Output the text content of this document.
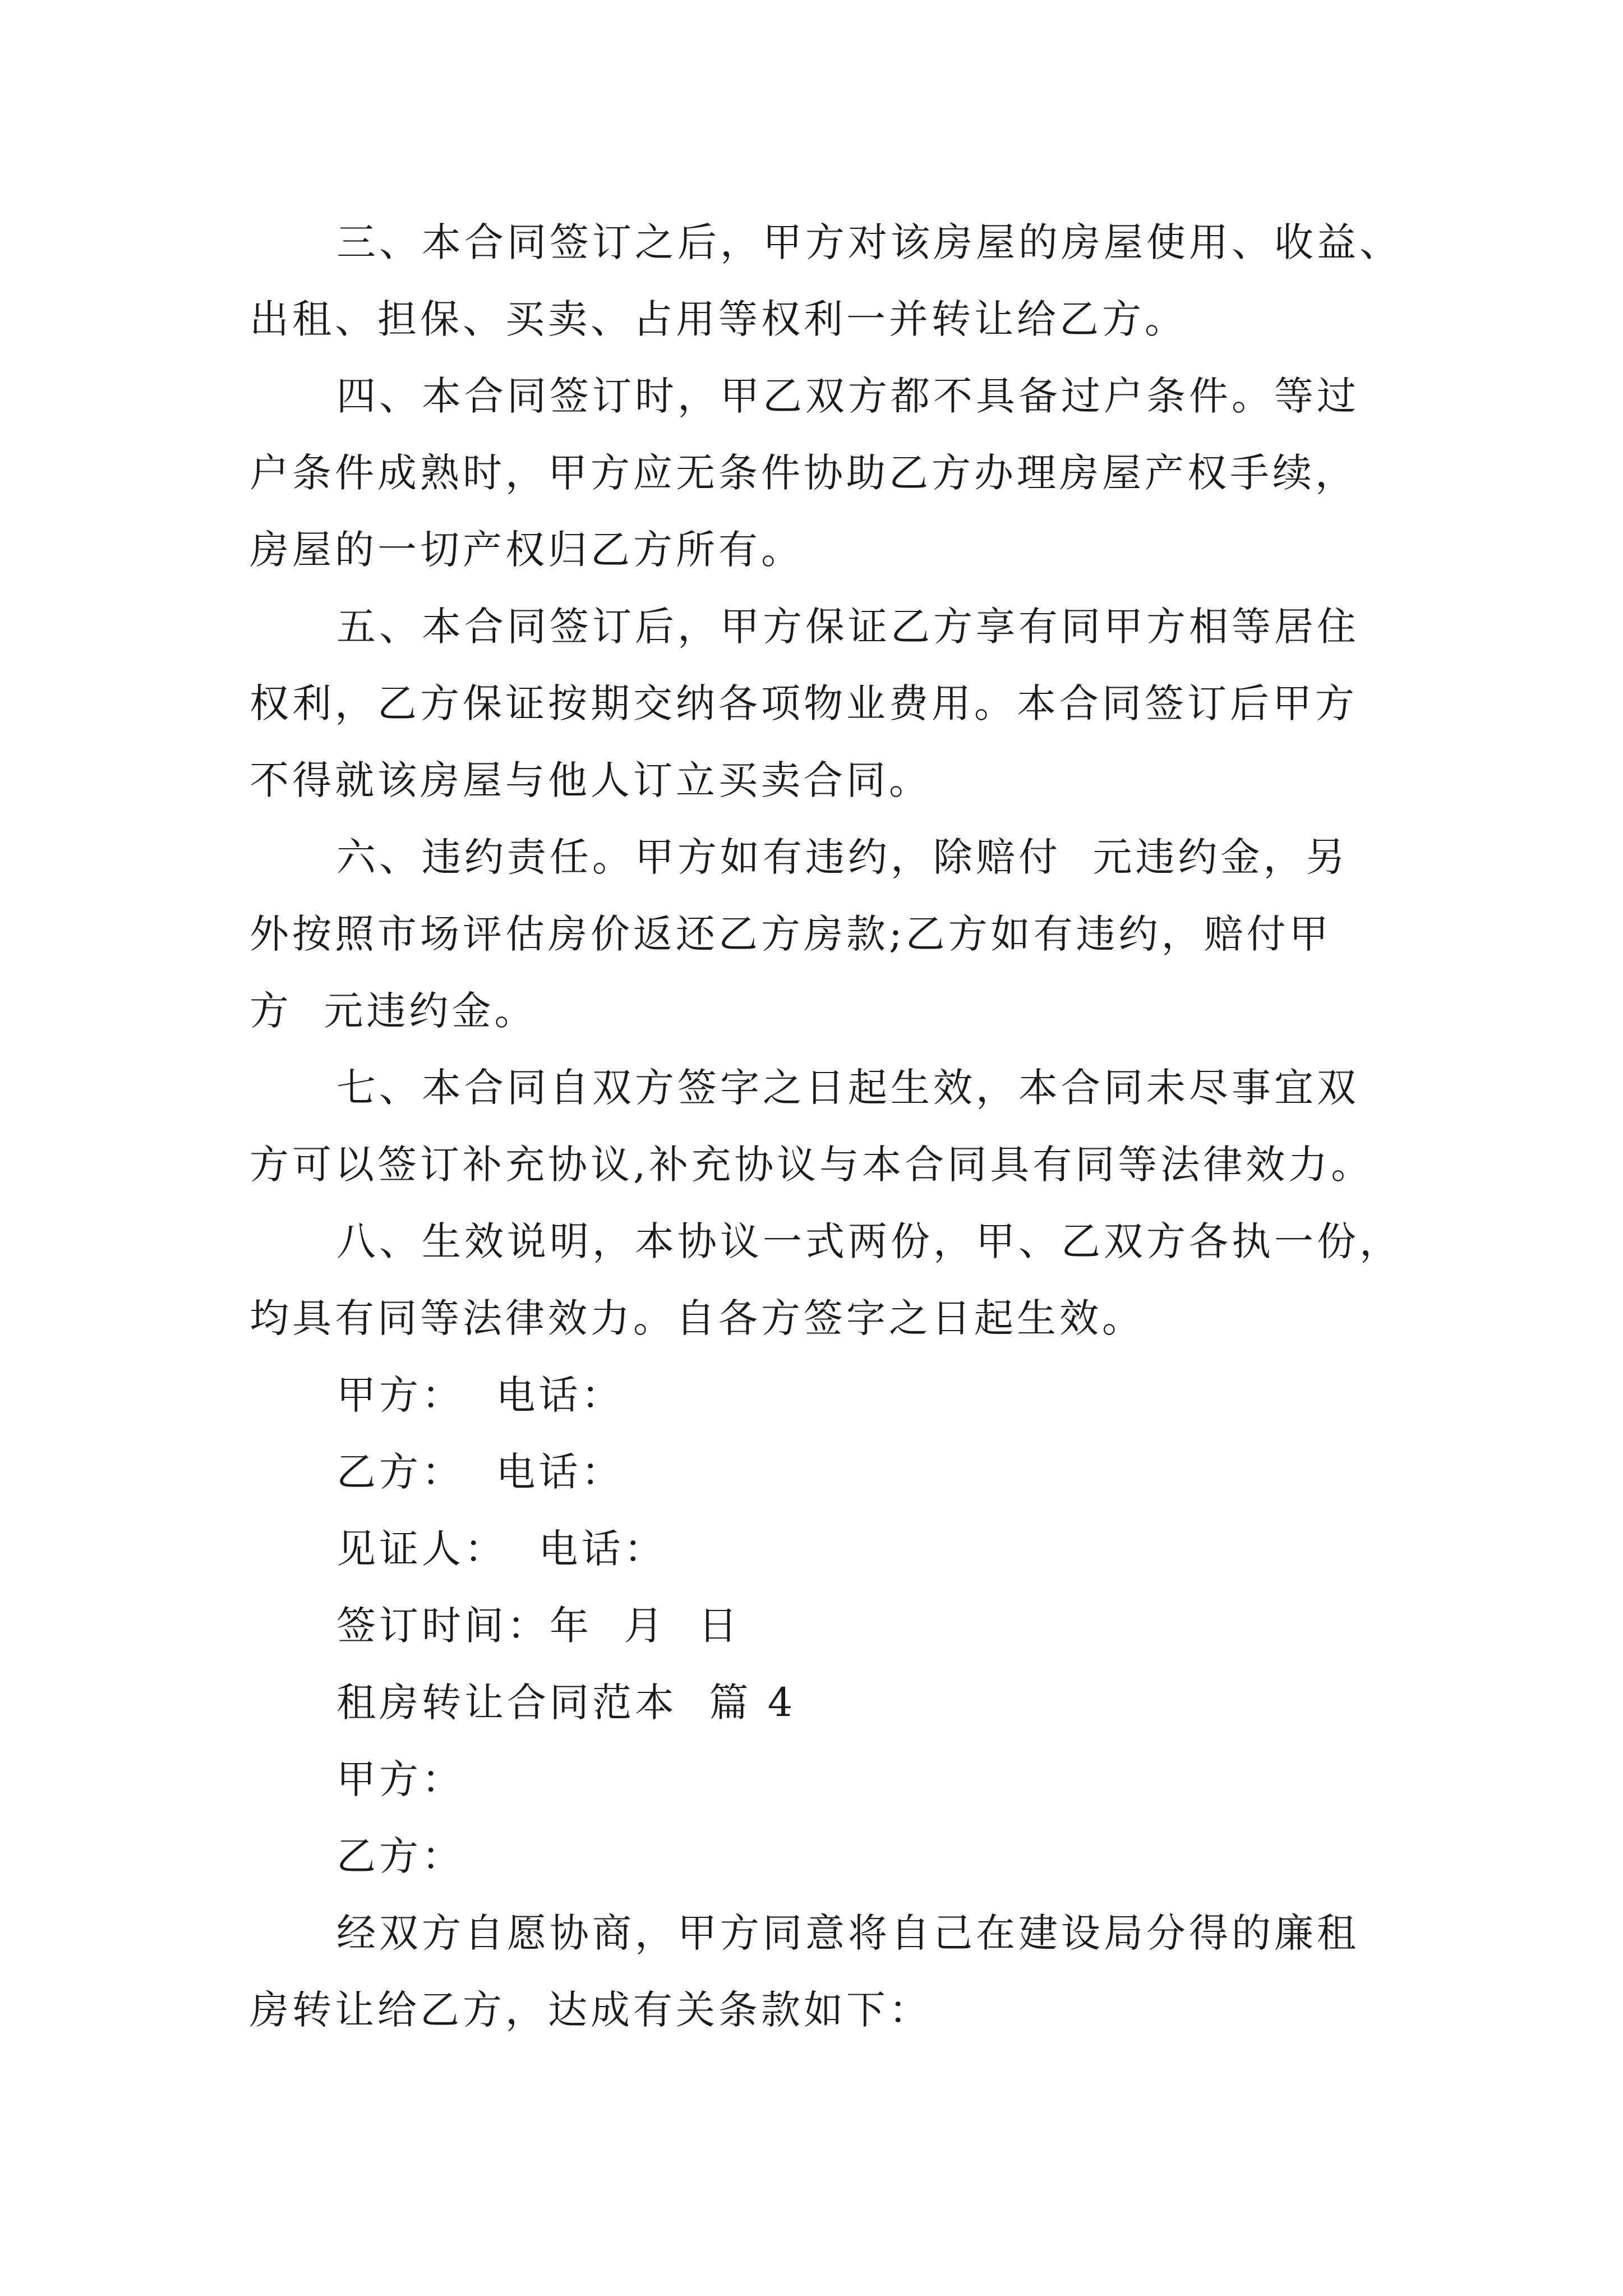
三、本合同签订之后，甲方对该房屋的房屋使用、收益、
出租、担保、买卖、占用等权利一并转让给乙方。
四、本合同签订时，甲乙双方都不具备过户条件。等过
户条件成熟时，甲方应无条件协助乙方办理房屋产权手续，
房屋的一切产权归乙方所有。
五、本合同签订后，甲方保证乙方享有同甲方相等居住
权利，乙方保证按期交纳各项物业费用。本合同签订后甲方
不得就该房屋与他人订立买卖合同。
六、违约责任。甲方如有违约，除赔付  元违约金，另
外按照市场评估房价返还乙方房款;乙方如有违约，赔付甲
方  元违约金。
七、本合同自双方签字之日起生效，本合同未尽事宜双
方可以签订补充协议,补充协议与本合同具有同等法律效力。
八、生效说明，本协议一式两份，甲、乙双方各执一份，
均具有同等法律效力。自各方签字之日起生效。
甲方：  电话：
乙方：  电话：
见证人：  电话：
签订时间：年  月  日
租房转让合同范本  篇 4
甲方：
乙方：
经双方自愿协商，甲方同意将自己在建设局分得的廉租
房转让给乙方，达成有关条款如下：
